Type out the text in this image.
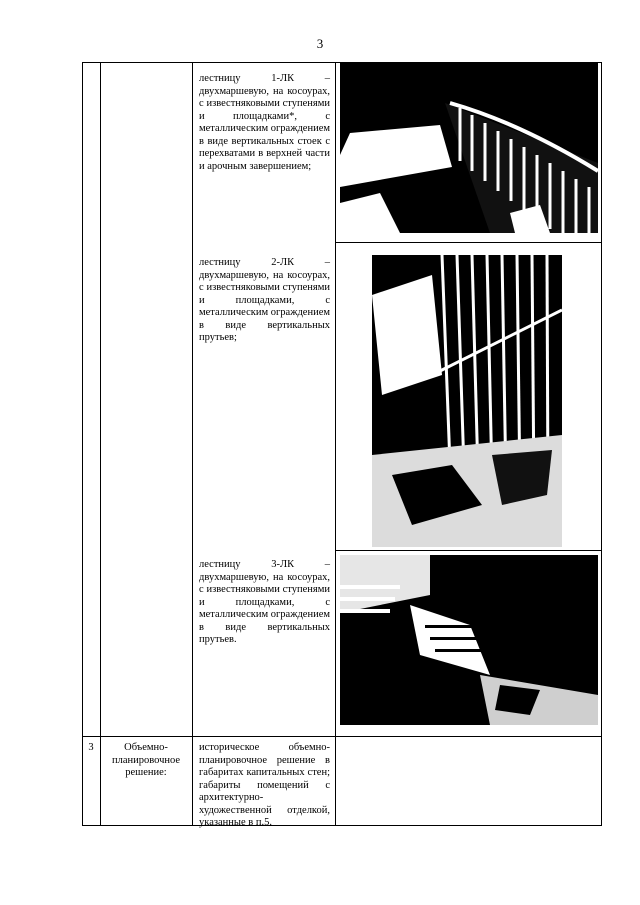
3
лестницу 1-ЛК – двухмаршевую, на косоурах, с известняковыми ступенями и площадками*, с металлическим ограждением в виде вертикальных стоек с перехватами в верхней части и арочным завершением;
лестницу 2-ЛК – двухмаршевую, на косоурах, с известняковыми ступенями и площадками, с металлическим ограждением в виде вертикальных прутьев;
лестницу 3-ЛК – двухмаршевую, на косоурах, с известняковыми ступенями и площадками, с металлическим ограждением в виде вертикальных прутьев.
3	Объемно-планировочное решение:
историческое объемно-планировочное решение в габаритах капитальных стен; габариты помещений с архитектурно-художественной отделкой, указанные в п.5.
